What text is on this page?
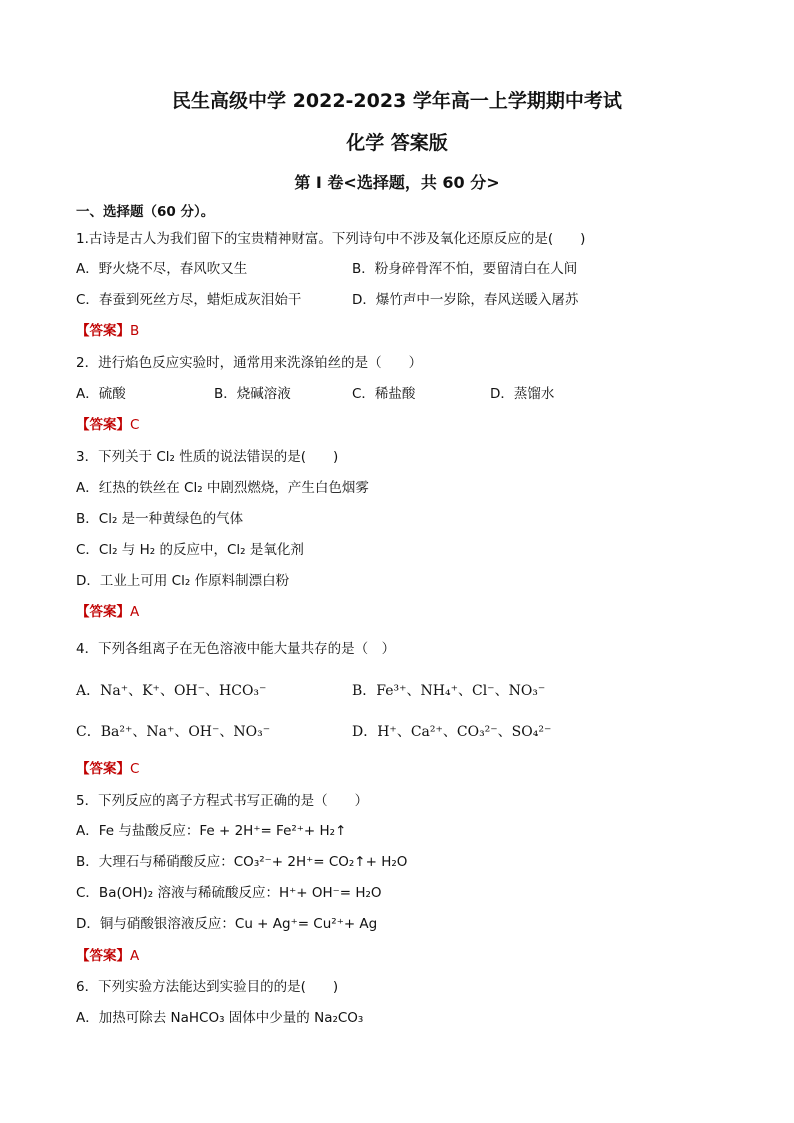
民生高级中学 2022-2023 学年高一上学期期中考试
化学 答案版
第 I 卷<选择题，共 60 分>
一、选择题（60 分）。
1.古诗是古人为我们留下的宝贵精神财富。下列诗句中不涉及氧化还原反应的是(　　)
A．野火烧不尽，春风吹又生	B．粉身碎骨浑不怕，要留清白在人间
C．春蚕到死丝方尽，蜡炬成灰泪始干	D．爆竹声中一岁除，春风送暖入屠苏
【答案】B
2．进行焰色反应实验时，通常用来洗涤铂丝的是（　　）
A．硫酸	B．烧碱溶液	C．稀盐酸	D．蒸馏水
【答案】C
3．下列关于 Cl₂ 性质的说法错误的是(　　)
A．红热的铁丝在 Cl₂ 中剧烈燃烧，产生白色烟雾
B．Cl₂ 是一种黄绿色的气体
C．Cl₂ 与 H₂ 的反应中，Cl₂ 是氧化剂
D．工业上可用 Cl₂ 作原料制漂白粉
【答案】A
4．下列各组离子在无色溶液中能大量共存的是（　）
A．Na⁺、K⁺、OH⁻、HCO₃⁻	B．Fe³⁺、NH₄⁺、Cl⁻、NO₃⁻
C．Ba²⁺、Na⁺、OH⁻、NO₃⁻	D．H⁺、Ca²⁺、CO₃²⁻、SO₄²⁻
【答案】C
5．下列反应的离子方程式书写正确的是（　　）
A．Fe 与盐酸反应：Fe + 2H⁺= Fe²⁺+ H₂↑
B．大理石与稀硝酸反应：CO₃²⁻+ 2H⁺= CO₂↑+ H₂O
C．Ba(OH)₂ 溶液与稀硫酸反应：H⁺+ OH⁻= H₂O
D．铜与硝酸银溶液反应：Cu + Ag⁺= Cu²⁺+ Ag
【答案】A
6．下列实验方法能达到实验目的的是(　　)
A．加热可除去 NaHCO₃ 固体中少量的 Na₂CO₃
